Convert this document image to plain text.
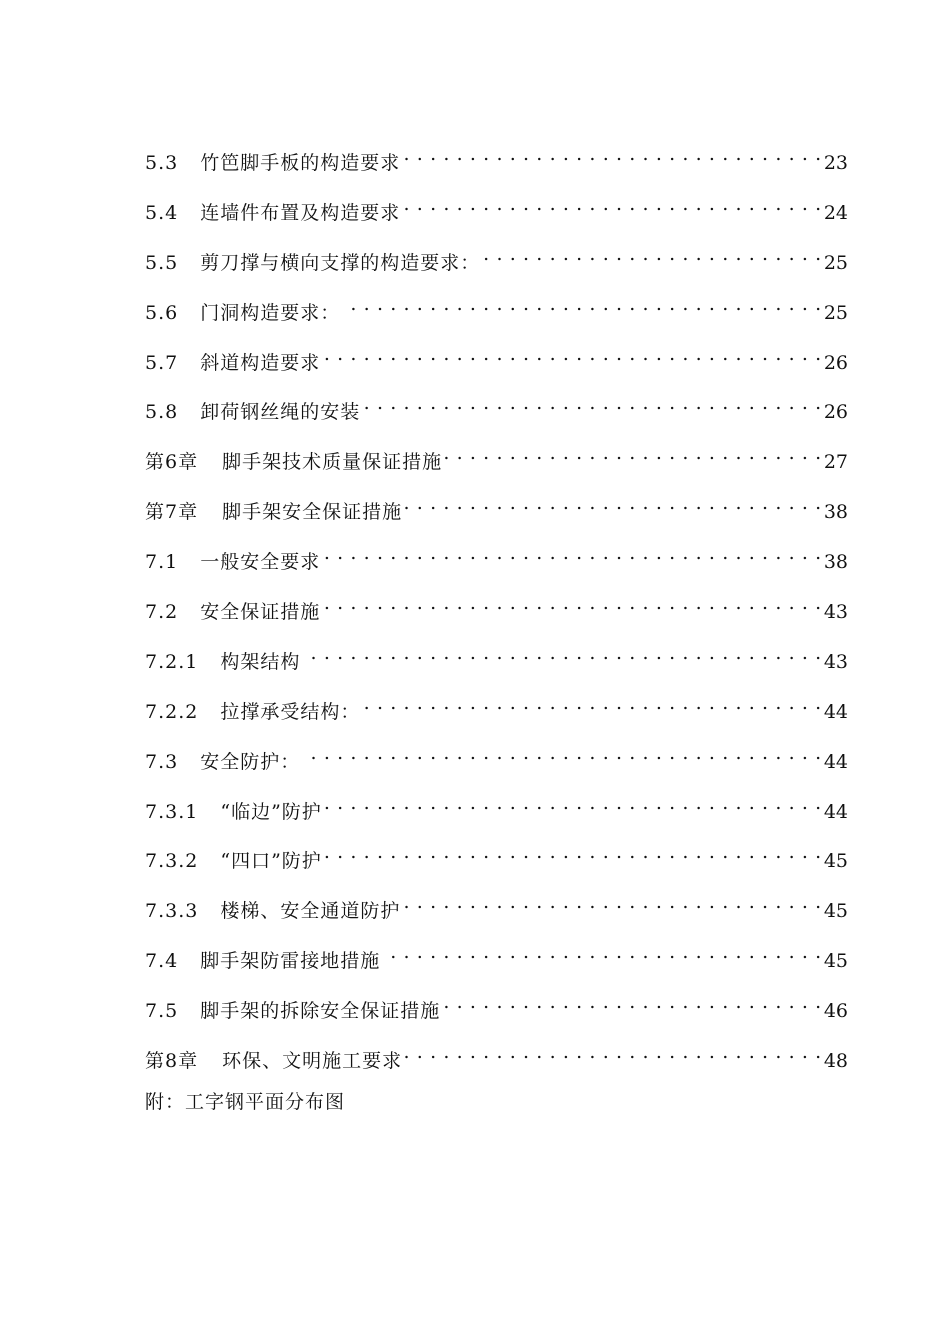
5.3 竹笆脚手板的构造要求 . . .	23
5.4 连墙件布置及构造要求 . . .	24
5.5 剪刀撑与横向支撑的构造要求： . . .	25
5.6 门洞构造要求： . . .	25
5.7 斜道构造要求 . . .	26
5.8 卸荷钢丝绳的安装 . . .	26
第6章 脚手架技术质量保证措施 . . .	27
第7章 脚手架安全保证措施 . . .	38
7.1 一般安全要求 . . .	38
7.2 安全保证措施 . . .	43
7.2.1 构架结构 . . .	43
7.2.2 拉撑承受结构： . . .	44
7.3 安全防护： . . .	44
7.3.1 “临边”防护 . . .	44
7.3.2 “四口”防护 . . .	45
7.3.3 楼梯、安全通道防护 . . .	45
7.4 脚手架防雷接地措施 . . .	45
7.5 脚手架的拆除安全保证措施 . . .	46
第8章 环保、文明施工要求 . . .	48
附：工字钢平面分布图
